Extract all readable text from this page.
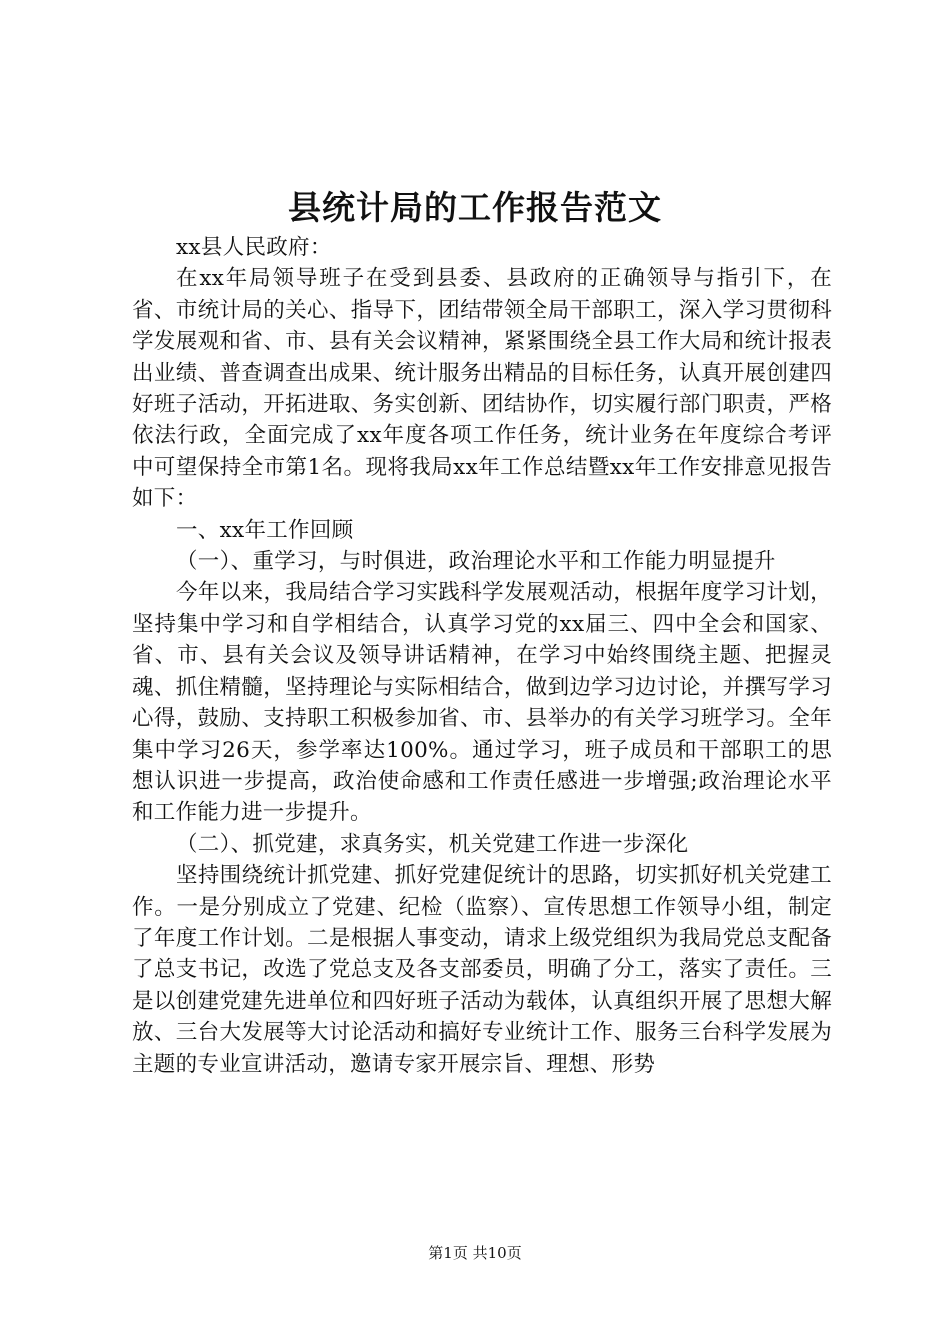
县统计局的工作报告范文

xx县人民政府：

在xx年局领导班子在受到县委、县政府的正确领导与指引下，在省、市统计局的关心、指导下，团结带领全局干部职工，深入学习贯彻科学发展观和省、市、县有关会议精神，紧紧围绕全县工作大局和统计报表出业绩、普查调查出成果、统计服务出精品的目标任务，认真开展创建四好班子活动，开拓进取、务实创新、团结协作，切实履行部门职责，严格依法行政，全面完成了xx年度各项工作任务，统计业务在年度综合考评中可望保持全市第1名。现将我局xx年工作总结暨xx年工作安排意见报告如下：

一、xx年工作回顾

（一）、重学习，与时俱进，政治理论水平和工作能力明显提升

今年以来，我局结合学习实践科学发展观活动，根据年度学习计划，坚持集中学习和自学相结合，认真学习党的xx届三、四中全会和国家、省、市、县有关会议及领导讲话精神，在学习中始终围绕主题、把握灵魂、抓住精髓，坚持理论与实际相结合，做到边学习边讨论，并撰写学习心得，鼓励、支持职工积极参加省、市、县举办的有关学习班学习。全年集中学习26天，参学率达100%。通过学习，班子成员和干部职工的思想认识进一步提高，政治使命感和工作责任感进一步增强;政治理论水平和工作能力进一步提升。

（二）、抓党建，求真务实，机关党建工作进一步深化

坚持围绕统计抓党建、抓好党建促统计的思路，切实抓好机关党建工作。一是分别成立了党建、纪检（监察）、宣传思想工作领导小组，制定了年度工作计划。二是根据人事变动，请求上级党组织为我局党总支配备了总支书记，改选了党总支及各支部委员，明确了分工，落实了责任。三是以创建党建先进单位和四好班子活动为载体，认真组织开展了思想大解放、三台大发展等大讨论活动和搞好专业统计工作、服务三台科学发展为主题的专业宣讲活动，邀请专家开展宗旨、理想、形势

第1页 共10页
